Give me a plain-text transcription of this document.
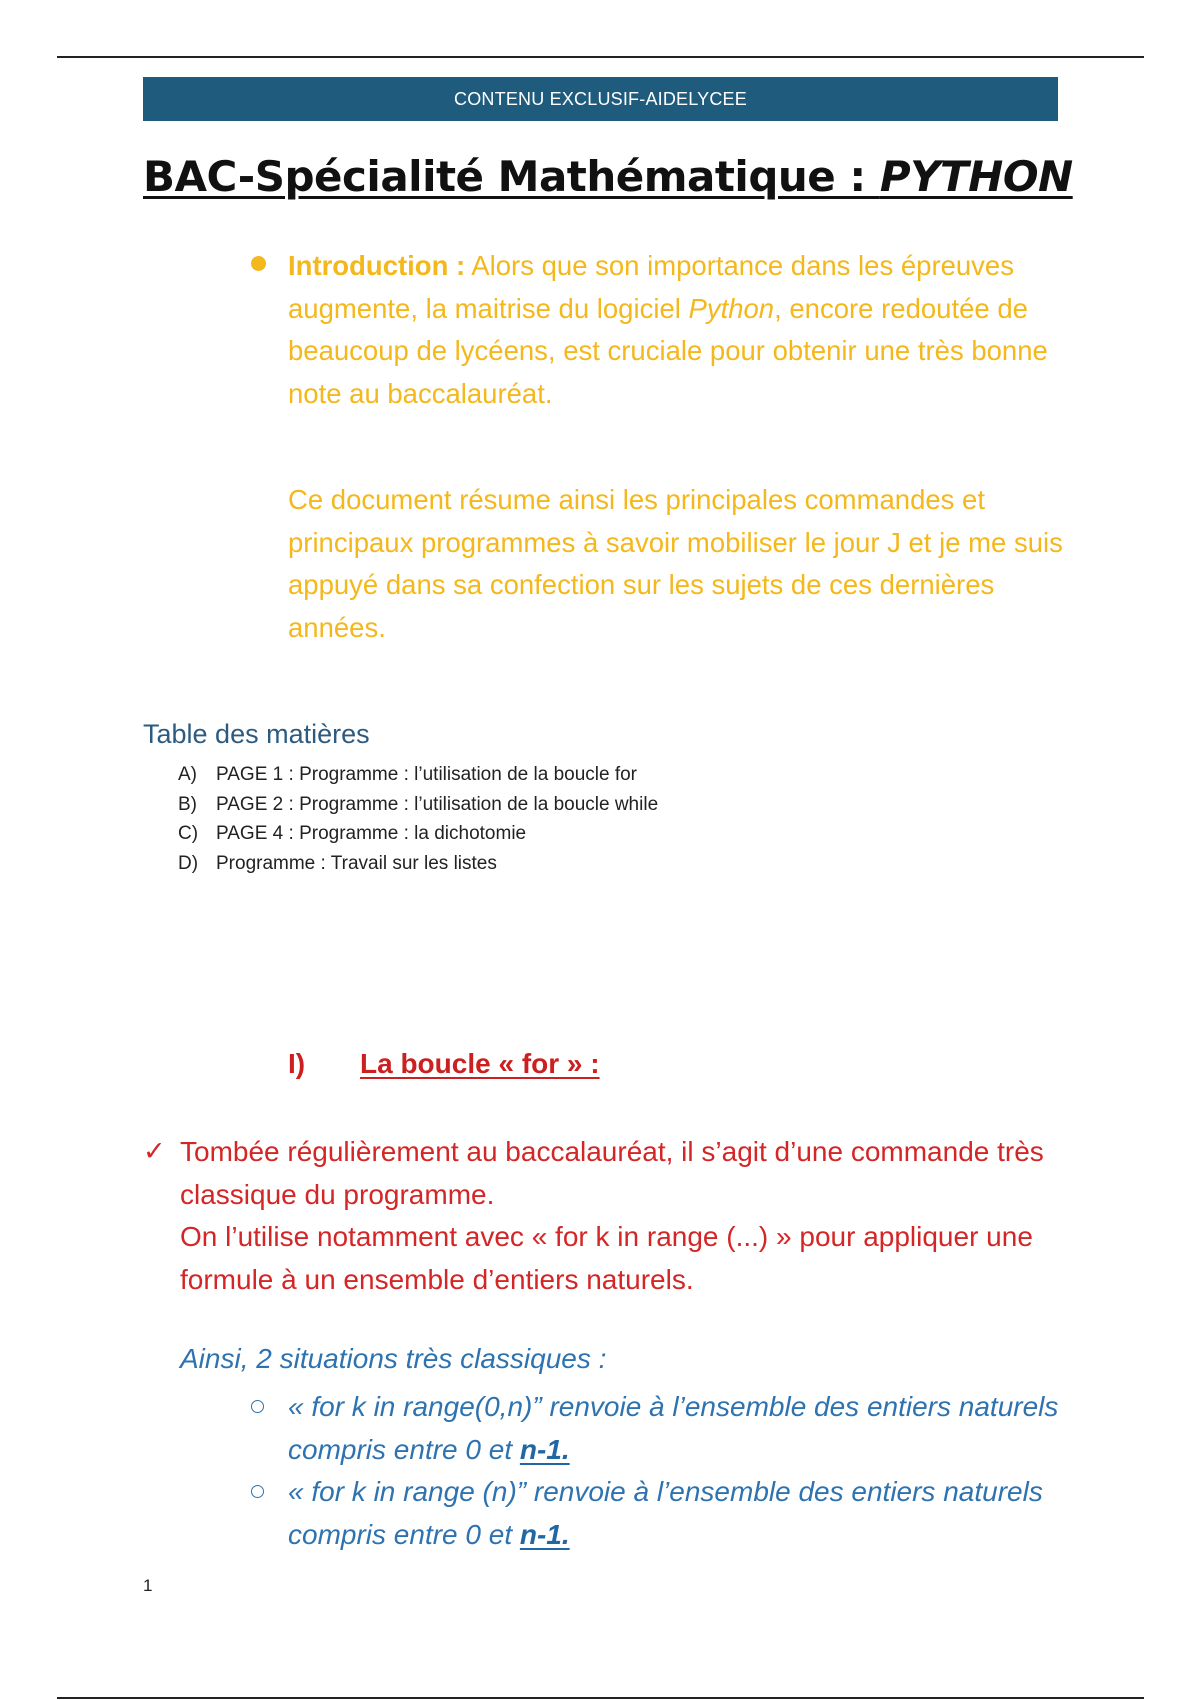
CONTENU EXCLUSIF-AIDELYCEE
BAC-Spécialité Mathématique : PYTHON

Introduction : Alors que son importance dans les épreuves augmente, la maitrise du logiciel Python, encore redoutée de beaucoup de lycéens, est cruciale pour obtenir une très bonne note au baccalauréat.

Ce document résume ainsi les principales commandes et principaux programmes à savoir mobiliser le jour J et je me suis appuyé dans sa confection sur les sujets de ces dernières années.

Table des matières
A) PAGE 1 : Programme : l’utilisation de la boucle for
B) PAGE 2 : Programme : l’utilisation de la boucle while
C) PAGE 4 : Programme : la dichotomie
D) Programme : Travail sur les listes
I) La boucle « for » :
✓ Tombée régulièrement au baccalauréat, il s’agit d’une commande très classique du programme.

On l’utilise notamment avec « for k in range (...) » pour appliquer une formule à un ensemble d’entiers naturels.

Ainsi, 2 situations très classiques :

« for k in range(0,n)” renvoie à l’ensemble des entiers naturels compris entre 0 et n-1.
« for k in range (n)” renvoie à l’ensemble des entiers naturels compris entre 0 et n-1.
1
